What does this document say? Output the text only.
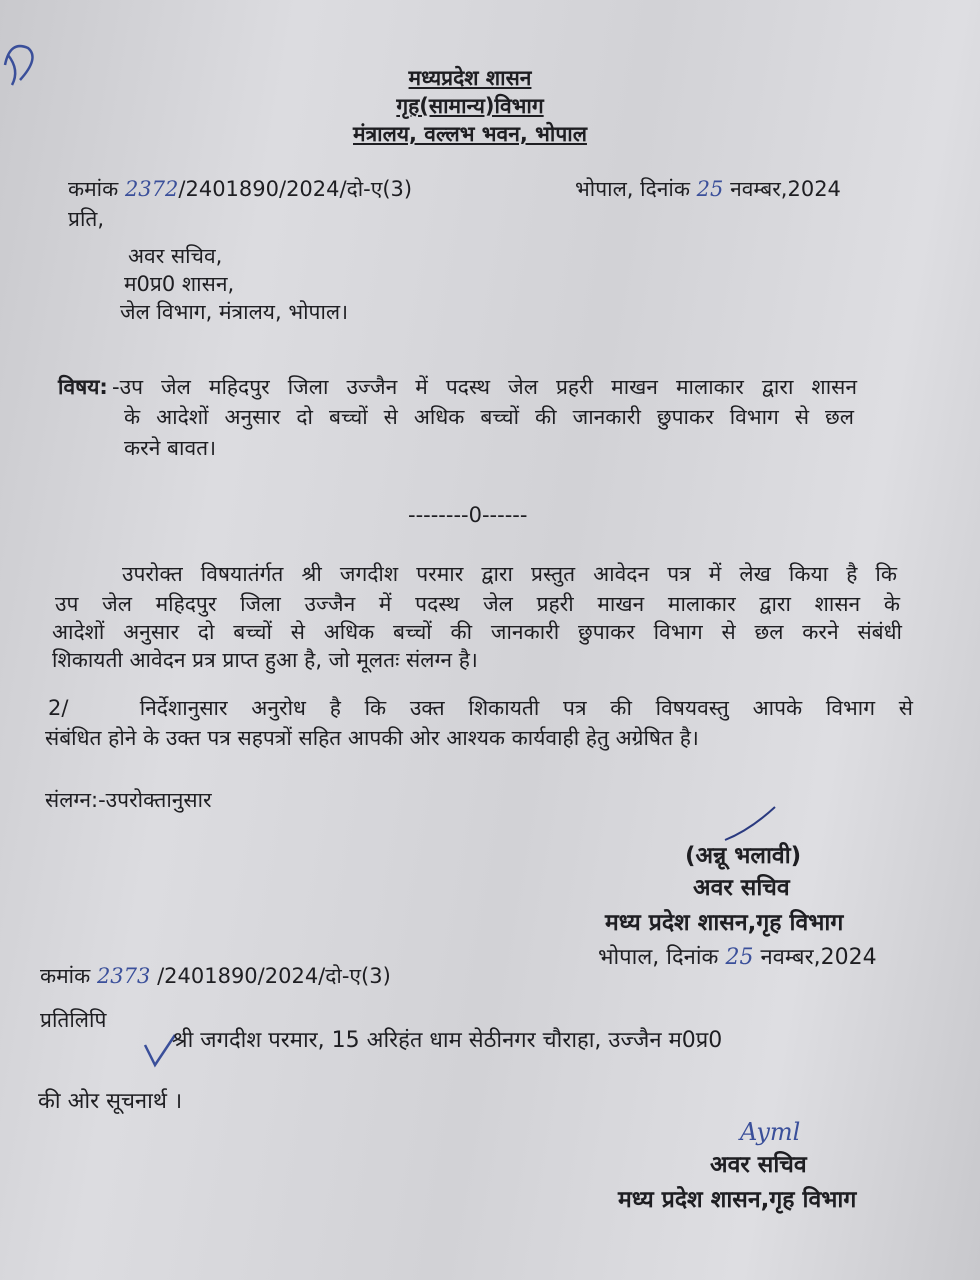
मध्यप्रदेश शासन
गृह(सामान्य)विभाग
मंत्रालय, वल्लभ भवन, भोपाल
कमांक 2372/2401890/2024/दो-ए(3)	भोपाल, दिनांक 25 नवम्बर,2024
प्रति,
अवर सचिव,
म0प्र0 शासन,
जेल विभाग, मंत्रालय, भोपाल।
विषय: -उप जेल महिदपुर जिला उज्जैन में पदस्थ जेल प्रहरी माखन मालाकार द्वारा शासन
के आदेशों अनुसार दो बच्चों से अधिक बच्चों की जानकारी छुपाकर विभाग से छल
करने बावत।
--------0------
उपरोक्त विषयातंर्गत श्री जगदीश परमार द्वारा प्रस्तुत आवेदन पत्र में लेख किया है कि
उप जेल महिदपुर जिला उज्जैन में पदस्थ जेल प्रहरी माखन मालाकार द्वारा शासन के
आदेशों अनुसार दो बच्चों से अधिक बच्चों की जानकारी छुपाकर विभाग से छल करने संबंधी
शिकायती आवेदन प्रत्र प्राप्त हुआ है, जो मूलतः संलग्न है।
2/   निर्देशानुसार अनुरोध है कि उक्त शिकायती पत्र की विषयवस्तु आपके विभाग से
संबंधित होने के उक्त पत्र सहपत्रों सहित आपकी ओर आश्यक कार्यवाही हेतु अग्रेषित है।
संलग्न:-उपरोक्तानुसार
(अन्नू भलावी)
अवर सचिव
मध्य प्रदेश शासन,गृह विभाग
भोपाल, दिनांक 25 नवम्बर,2024
कमांक 2373 /2401890/2024/दो-ए(3)
प्रतिलिपि
श्री जगदीश परमार, 15 अरिहंत धाम सेठीनगर चौराहा, उज्जैन म0प्र0
की ओर सूचनार्थ ।
Ayml
अवर सचिव
मध्य प्रदेश शासन,गृह विभाग
